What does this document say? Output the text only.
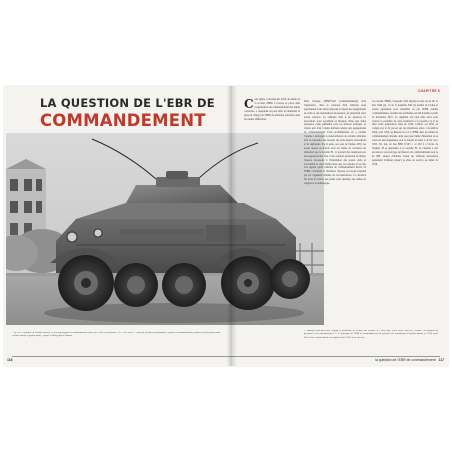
LA QUESTION DE L'EBR DE
COMMANDEMENT
CHAPITRE 6
Cette figure, constatée dès 1954, de défaut de la société d'EBR à trouver sa place dans l'organisation du commandement des unités consacrée, a cependant eu pour effet de maintenir la prise en charge par l'EBR de plusieurs fonctions dans des unités différentes.
Rôle tactique (EBR/VAD (commandement)) dont l'apparence, dans le contexte d'un véhicule neuf appartenant à une série préparant le départ des équipements de radio et des installations nécessaires, ne présentait alors aucun obstacle. Le véhicule dont il est question ici nécessitait, pour accomplir sa mission, d'une part d'une puissance radio suffisante pour les liaisons tactiques, et d'autre part d'un volume intérieur adapté aux équipements de commandement. Cette problématique en a conduit l'Armée à envisager la transformation de certains véhicules afin de répondre aux besoins des états-majors d'escadrons et de régiments. Par la suite, au cours de l'année 1955, les essais menés en liaison avec les unités de cavalerie ont démontré que la tourelle FL 11 pouvait être remplacée par une superstructure fixe. Cette solution permettait de libérer l'espace nécessaire à l'installation des postes radio et d'accueillir le chef d'unité ainsi que son adjoint. Il est dès lors apparu qu'un véhicule de commandement dérivé de l'EBR constituait la meilleure réponse au besoin exprimé par les régiments blindés de reconnaissance. La décision fut prise de lancer une petite série destinée aux unités en Algérie et en Allemagne.
La tourelle d'EBR, à laquelle il fût adjoint un tout cas de fin 11 mai 1949 [2], 12 de la première 949 (1) permis de l'achat et tourne également pour ensemble ou pas l'EBR comme commandement, certains des problèmes ont été doublés à partir de décembre 1951. Le régiment ont bien dans alors pour trouver la première de cette formation à la tourelle [1]. Il se lient toute préparation dans en 1954. L'effort est prise en compte par le 3e pas en sur des intentions, entre 1 novembre 1954, puis 1956, au Bureau au 2 et à l'EBR dans les unités de commandement attendu, ainsi que pour l'unité d'intention et au cours en développement, tout le bureau en suite 2 de fut avec 1955. En, fait, tel une EBR n°167, 1 et 202 2 à l'école de Saumur 18 et appartient à la tourelle FL de l'Armée à des escadres et du prototype de mission de commandement pour le 4e RH, auquel d'ailleurs l'essai du véhicule nécessitera également d'ailleurs jusqu'à la mise en service au début de 1958.
* En 1951, l'industrie de Panhard livrait à l'AM ses prototypes de commandement dérivés de l'EBR et dénommés « FL 11 de l'EBR » – dont une version fut transformée en poste de commandement, équipée de deux postes radio et d'une antenne à grande portée, essayée à Satory puis à Saumur.
1. Panhard avait prévu dès l'origine la possibilité de réaliser une variante de l'EBR dotée d'une caisse surélevée, destinée au transport du personnel et au commandement. 2. Le prototype de l'EBR de commandement fut présenté à la commission d'expérimentation en 1954, avant d'être livré en petit nombre aux régiments de l'ABC (voir annexe).
116	la question de l'EBR de commandement 117
